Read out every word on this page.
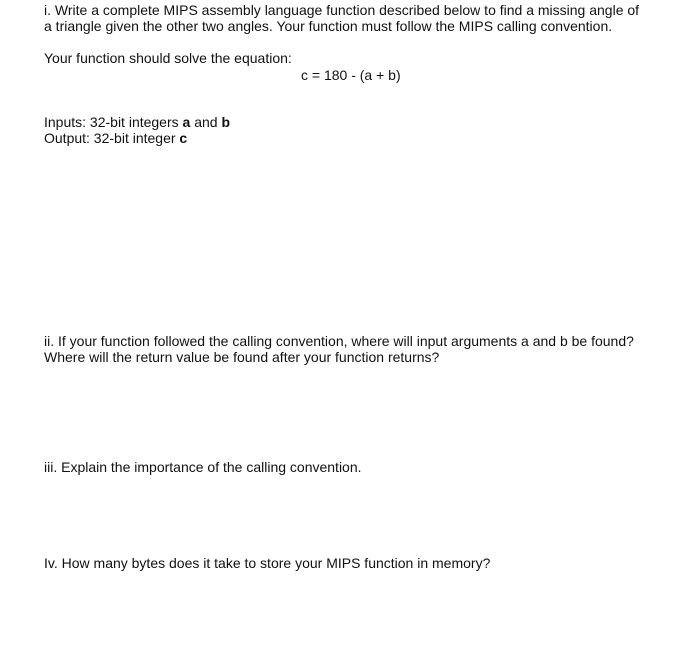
i. Write a complete MIPS assembly language function described below to find a missing angle of
a triangle given the other two angles. Your function must follow the MIPS calling convention.
Your function should solve the equation:
c = 180 - (a + b)
Inputs: 32-bit integers a and b
Output: 32-bit integer c
ii. If your function followed the calling convention, where will input arguments a and b be found?
Where will the return value be found after your function returns?
iii. Explain the importance of the calling convention.
Iv. How many bytes does it take to store your MIPS function in memory?
